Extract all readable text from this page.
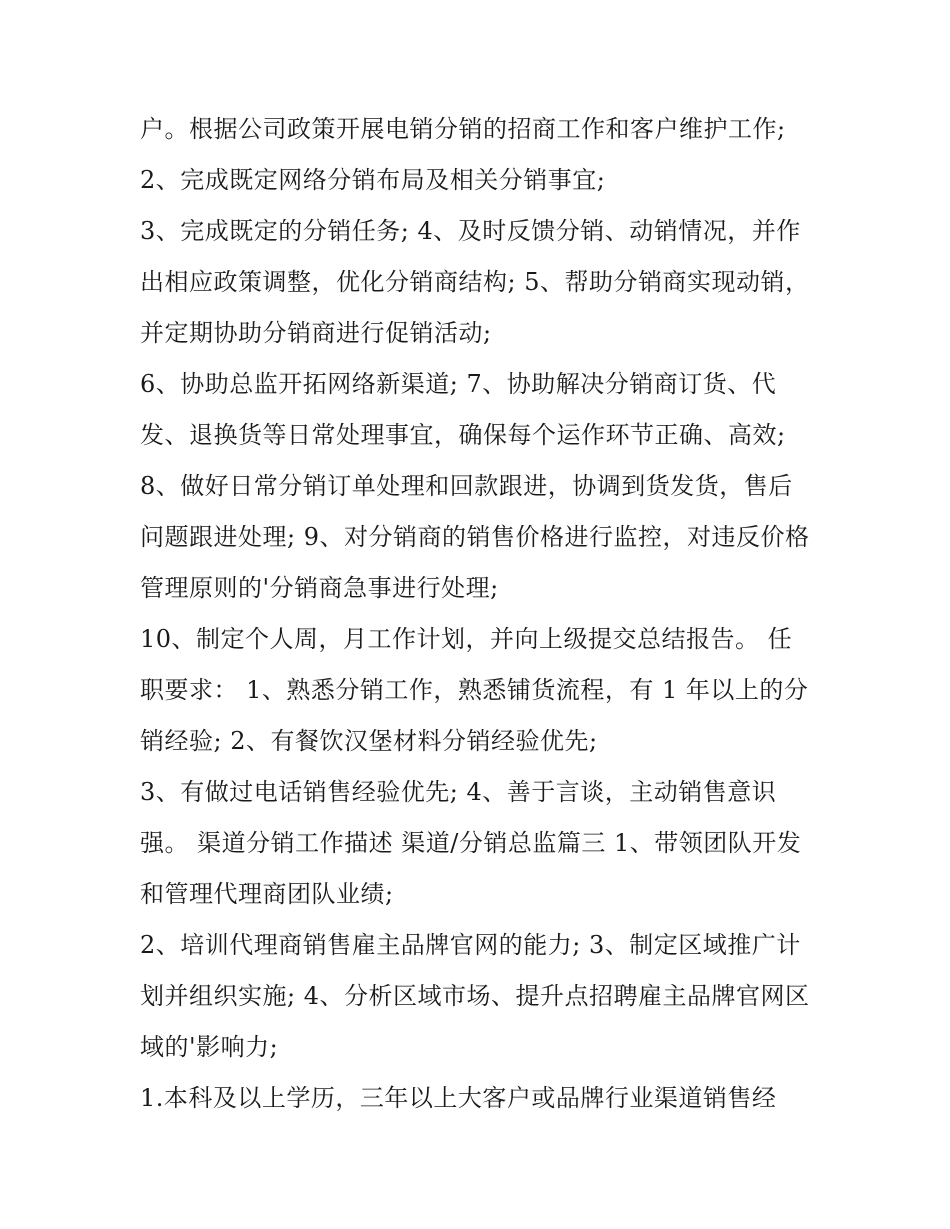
户。根据公司政策开展电销分销的招商工作和客户维护工作;
2、完成既定网络分销布局及相关分销事宜;
3、完成既定的分销任务; 4、及时反馈分销、动销情况，并作
出相应政策调整，优化分销商结构; 5、帮助分销商实现动销，
并定期协助分销商进行促销活动;
6、协助总监开拓网络新渠道; 7、协助解决分销商订货、代
发、退换货等日常处理事宜，确保每个运作环节正确、高效;
8、做好日常分销订单处理和回款跟进，协调到货发货，售后
问题跟进处理; 9、对分销商的销售价格进行监控，对违反价格
管理原则的'分销商急事进行处理;
10、制定个人周，月工作计划，并向上级提交总结报告。 任
职要求： 1、熟悉分销工作，熟悉铺货流程，有 1 年以上的分
销经验; 2、有餐饮汉堡材料分销经验优先;
3、有做过电话销售经验优先; 4、善于言谈，主动销售意识
强。 渠道分销工作描述 渠道/分销总监篇三 1、带领团队开发
和管理代理商团队业绩;
2、培训代理商销售雇主品牌官网的能力; 3、制定区域推广计
划并组织实施; 4、分析区域市场、提升点招聘雇主品牌官网区
域的'影响力;
1.本科及以上学历，三年以上大客户或品牌行业渠道销售经
